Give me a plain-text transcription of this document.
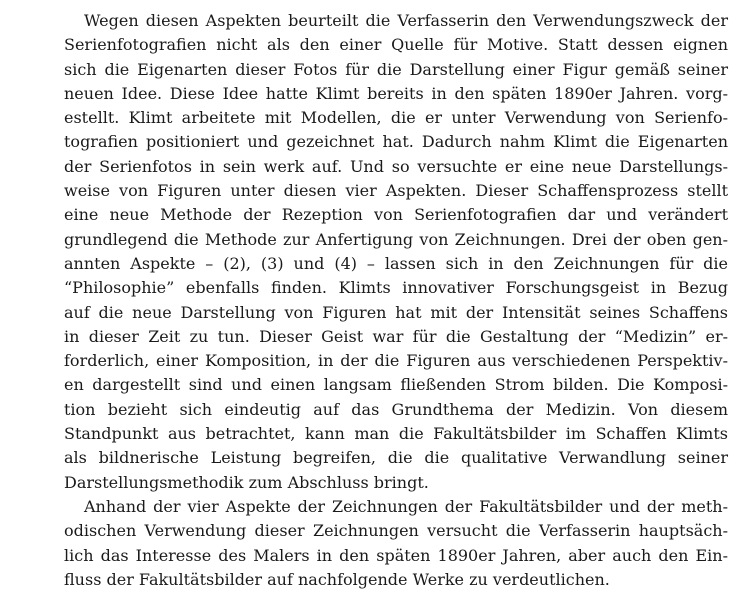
Wegen diesen Aspekten beurteilt die Verfasserin den Verwendungszweck der
Serienfotografien nicht als den einer Quelle für Motive. Statt dessen eignen
sich die Eigenarten dieser Fotos für die Darstellung einer Figur gemäß seiner
neuen Idee. Diese Idee hatte Klimt bereits in den späten 1890er Jahren. vorg-
estellt. Klimt arbeitete mit Modellen, die er unter Verwendung von Serienfo-
tografien positioniert und gezeichnet hat. Dadurch nahm Klimt die Eigenarten
der Serienfotos in sein werk auf. Und so versuchte er eine neue Darstellungs-
weise von Figuren unter diesen vier Aspekten. Dieser Schaffensprozess stellt
eine neue Methode der Rezeption von Serienfotografien dar und verändert
grundlegend die Methode zur Anfertigung von Zeichnungen. Drei der oben gen-
annten Aspekte – (2), (3) und (4) – lassen sich in den Zeichnungen für die
“Philosophie” ebenfalls finden. Klimts innovativer Forschungsgeist in Bezug
auf die neue Darstellung von Figuren hat mit der Intensität seines Schaffens
in dieser Zeit zu tun. Dieser Geist war für die Gestaltung der “Medizin” er-
forderlich, einer Komposition, in der die Figuren aus verschiedenen Perspektiv-
en dargestellt sind und einen langsam fließenden Strom bilden. Die Komposi-
tion bezieht sich eindeutig auf das Grundthema der Medizin. Von diesem
Standpunkt aus betrachtet, kann man die Fakultätsbilder im Schaffen Klimts
als bildnerische Leistung begreifen, die die qualitative Verwandlung seiner
Darstellungsmethodik zum Abschluss bringt.
Anhand der vier Aspekte der Zeichnungen der Fakultätsbilder und der meth-
odischen Verwendung dieser Zeichnungen versucht die Verfasserin hauptsäch-
lich das Interesse des Malers in den späten 1890er Jahren, aber auch den Ein-
fluss der Fakultätsbilder auf nachfolgende Werke zu verdeutlichen.
